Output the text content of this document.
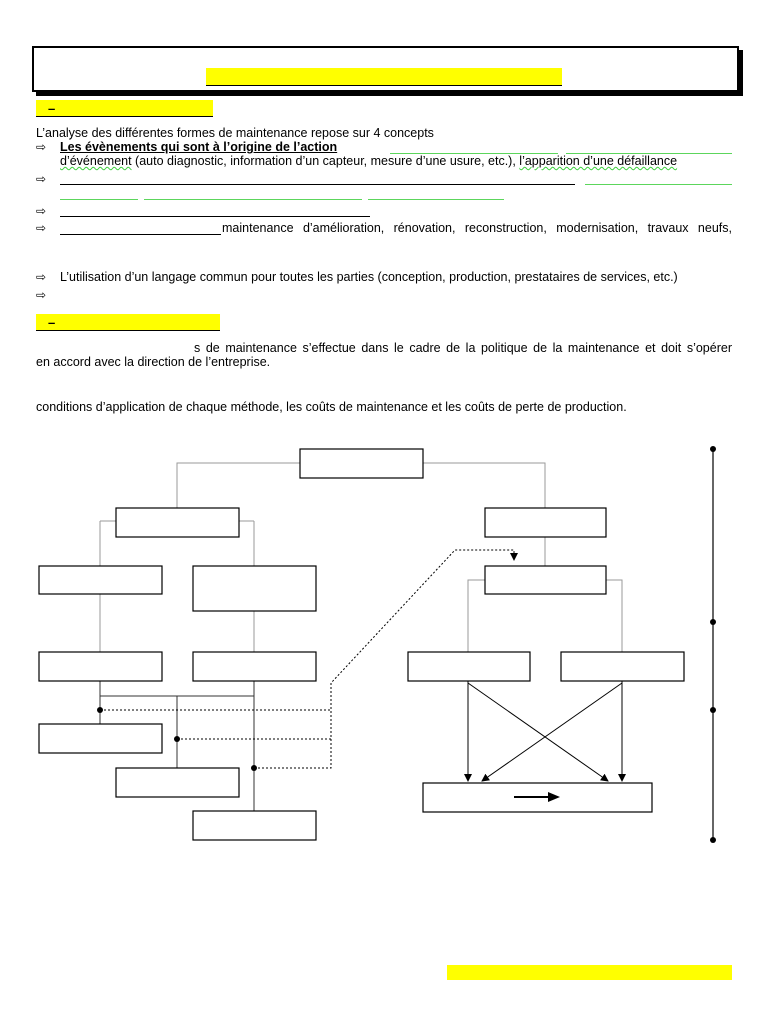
–
L’analyse des différentes formes de maintenance repose sur 4 concepts
⇨ Les évènements qui sont à l’origine de l’action
d’événement (auto diagnostic, information d’un capteur, mesure d’une usure, etc.), l’apparition d’une défaillance
⇨
⇨
⇨	maintenance d’amélioration, rénovation, reconstruction, modernisation, travaux neufs,
⇨ L’utilisation d’un langage commun pour toutes les parties (conception, production, prestataires de services, etc.)
⇨
–
s de maintenance s’effectue dans le cadre de la politique de la maintenance et doit s’opérer
en accord avec la direction de l’entreprise.
conditions d’application de chaque méthode, les coûts de maintenance et les coûts de perte de production.
